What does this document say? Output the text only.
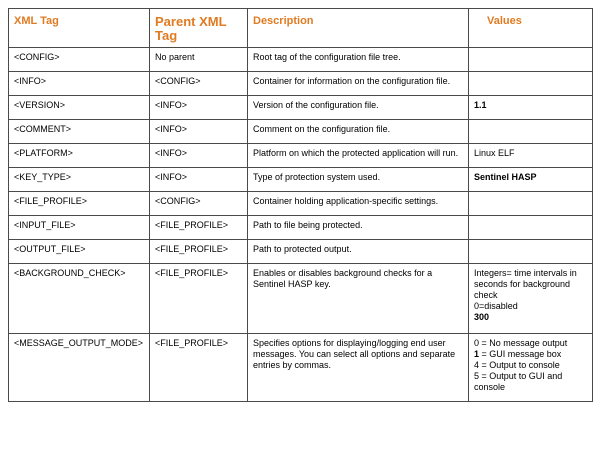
XML Tag	Parent XML
Tag	Description	Values
<CONFIG>	No parent	Root tag of the configuration file tree.	
<INFO>	<CONFIG>	Container for information on the configuration file.	
<VERSION>	<INFO>	Version of the configuration file.	1.1
<COMMENT>	<INFO>	Comment on the configuration file.	
<PLATFORM>	<INFO>	Platform on which the protected application will run.	Linux ELF
<KEY_TYPE>	<INFO>	Type of protection system used.	Sentinel HASP
<FILE_PROFILE>	<CONFIG>	Container holding application-specific settings.	
<INPUT_FILE>	<FILE_PROFILE>	Path to file being protected.	
<OUTPUT_FILE>	<FILE_PROFILE>	Path to protected output.	
<BACKGROUND_CHECK>	<FILE_PROFILE>	Enables or disables background checks for a Sentinel HASP key.	Integers= time intervals in seconds for background check
0=disabled
300

<MESSAGE_OUTPUT_MODE>	<FILE_PROFILE>	Specifies options for displaying/logging end user messages. You can select all options and separate entries by commas.	0 = No message output
1 = GUI message box
4 = Output to console
5 = Output to GUI and console
